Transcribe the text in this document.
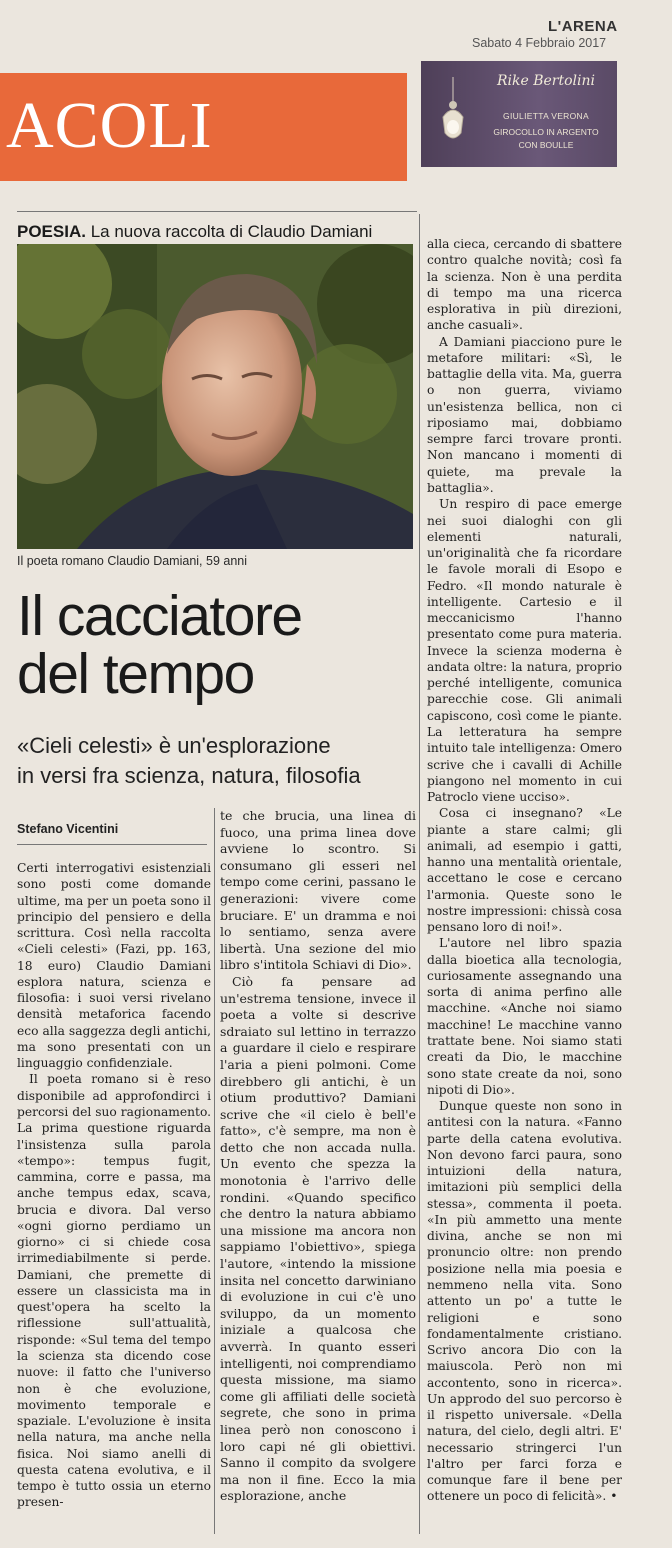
L'ARENA
Sabato 4 Febbraio 2017
ACOLI
Rike Bertolini
GIULIETTA VERONA
GIROCOLLO IN ARGENTO
CON BOULLE
POESIA. La nuova raccolta di Claudio Damiani
Il poeta romano Claudio Damiani, 59 anni
Il cacciatore
del tempo
«Cieli celesti» è un'esplorazione
in versi fra scienza, natura, filosofia
Stefano Vicentini

Certi interrogativi esistenziali sono posti come domande ultime, ma per un poeta sono il principio del pensiero e della scrittura. Così nella raccolta «Cieli celesti» (Fazi, pp. 163, 18 euro) Claudio Damiani esplora natura, scienza e filosofia: i suoi versi rivelano densità metaforica facendo eco alla saggezza degli antichi, ma sono presentati con un linguaggio confidenziale.

Il poeta romano si è reso disponibile ad approfondirci i percorsi del suo ragionamento. La prima questione riguarda l'insistenza sulla parola «tempo»: tempus fugit, cammina, corre e passa, ma anche tempus edax, scava, brucia e divora. Dal verso «ogni giorno perdiamo un giorno» ci si chiede cosa irrimediabilmente si perde. Damiani, che premette di essere un classicista ma in quest'opera ha scelto la riflessione sull'attualità, risponde: «Sul tema del tempo la scienza sta dicendo cose nuove: il fatto che l'universo non è che evoluzione, movimento temporale e spaziale. L'evoluzione è insita nella natura, ma anche nella fisica. Noi siamo anelli di questa catena evolutiva, e il tempo è tutto ossia un eterno presen-

te che brucia, una linea di fuoco, una prima linea dove avviene lo scontro. Si consumano gli esseri nel tempo come cerini, passano le generazioni: vivere come bruciare. E' un dramma e noi lo sentiamo, senza avere libertà. Una sezione del mio libro s'intitola Schiavi di Dio».

Ciò fa pensare ad un'estrema tensione, invece il poeta a volte si descrive sdraiato sul lettino in terrazzo a guardare il cielo e respirare l'aria a pieni polmoni. Come direbbero gli antichi, è un otium produttivo? Damiani scrive che «il cielo è bell'e fatto», c'è sempre, ma non è detto che non accada nulla. Un evento che spezza la monotonia è l'arrivo delle rondini. «Quando specifico che dentro la natura abbiamo una missione ma ancora non sappiamo l'obiettivo», spiega l'autore, «intendo la missione insita nel concetto darwiniano di evoluzione in cui c'è uno sviluppo, da un momento iniziale a qualcosa che avverrà. In quanto esseri intelligenti, noi comprendiamo questa missione, ma siamo come gli affiliati delle società segrete, che sono in prima linea però non conoscono i loro capi né gli obiettivi. Sanno il compito da svolgere ma non il fine. Ecco la mia esplorazione, anche

alla cieca, cercando di sbattere contro qualche novità; così fa la scienza. Non è una perdita di tempo ma una ricerca esplorativa in più direzioni, anche casuali».

A Damiani piacciono pure le metafore militari: «Sì, le battaglie della vita. Ma, guerra o non guerra, viviamo un'esistenza bellica, non ci riposiamo mai, dobbiamo sempre farci trovare pronti. Non mancano i momenti di quiete, ma prevale la battaglia».

Un respiro di pace emerge nei suoi dialoghi con gli elementi naturali, un'originalità che fa ricordare le favole morali di Esopo e Fedro. «Il mondo naturale è intelligente. Cartesio e il meccanicismo l'hanno presentato come pura materia. Invece la scienza moderna è andata oltre: la natura, proprio perché intelligente, comunica parecchie cose. Gli animali capiscono, così come le piante. La letteratura ha sempre intuito tale intelligenza: Omero scrive che i cavalli di Achille piangono nel momento in cui Patroclo viene ucciso».

Cosa ci insegnano? «Le piante a stare calmi; gli animali, ad esempio i gatti, hanno una mentalità orientale, accettano le cose e cercano l'armonia. Queste sono le nostre impressioni: chissà cosa pensano loro di noi!».

L'autore nel libro spazia dalla bioetica alla tecnologia, curiosamente assegnando una sorta di anima perfino alle macchine. «Anche noi siamo macchine! Le macchine vanno trattate bene. Noi siamo stati creati da Dio, le macchine sono state create da noi, sono nipoti di Dio».

Dunque queste non sono in antitesi con la natura. «Fanno parte della catena evolutiva. Non devono farci paura, sono intuizioni della natura, imitazioni più semplici della stessa», commenta il poeta. «In più ammetto una mente divina, anche se non mi pronuncio oltre: non prendo posizione nella mia poesia e nemmeno nella vita. Sono attento un po' a tutte le religioni e sono fondamentalmente cristiano. Scrivo ancora Dio con la maiuscola. Però non mi accontento, sono in ricerca». Un approdo del suo percorso è il rispetto universale. «Della natura, del cielo, degli altri. E' necessario stringerci l'un l'altro per farci forza e comunque fare il bene per ottenere un poco di felicità». •
